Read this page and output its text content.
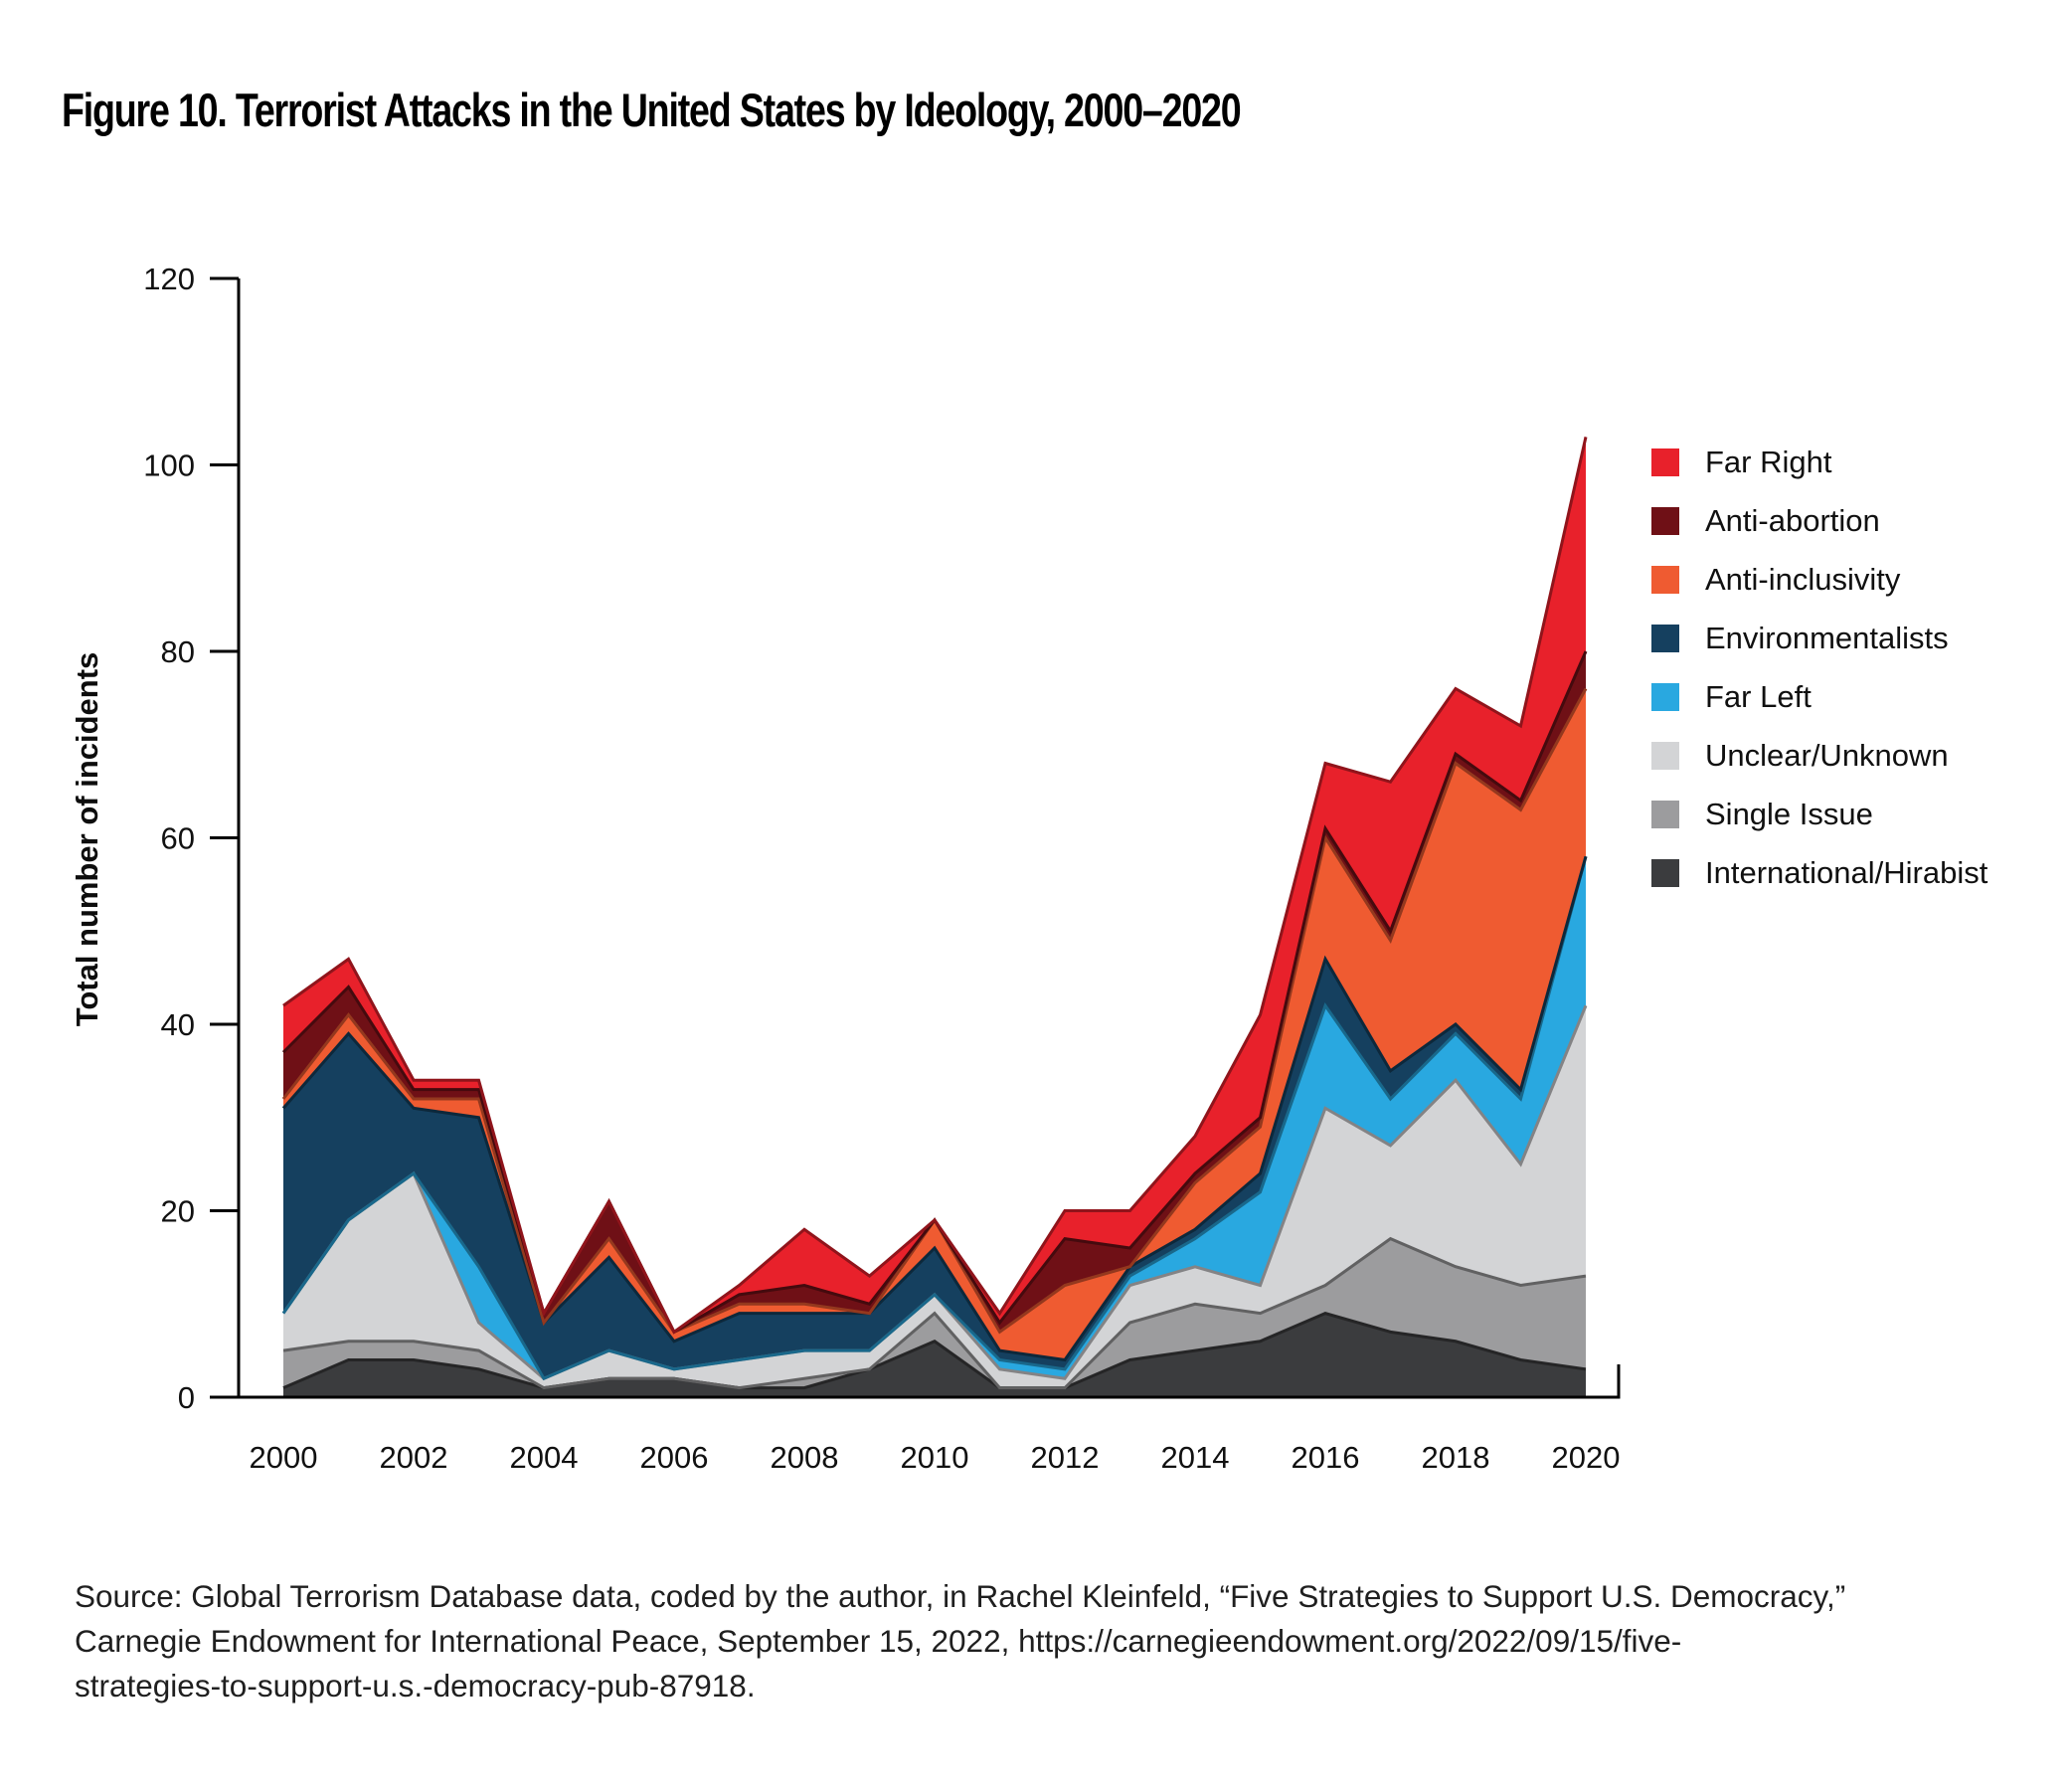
Figure 10. Terrorist Attacks in the United States by Ideology, 2000–2020
0
20
40
60
80
100
120
2000 2002 2004 2006 2008 2010 2012 2014 2016 2018 2020
Total number of incidents
Far Right
Anti-abortion
Anti-inclusivity
Environmentalists
Far Left
Unclear/Unknown
Single Issue
International/Hirabist
Source: Global Terrorism Database data, coded by the author, in Rachel Kleinfeld, “Five Strategies to Support U.S. Democracy,”
Carnegie Endowment for International Peace, September 15, 2022, https://carnegieendowment.org/2022/09/15/five-
strategies-to-support-u.s.-democracy-pub-87918.
